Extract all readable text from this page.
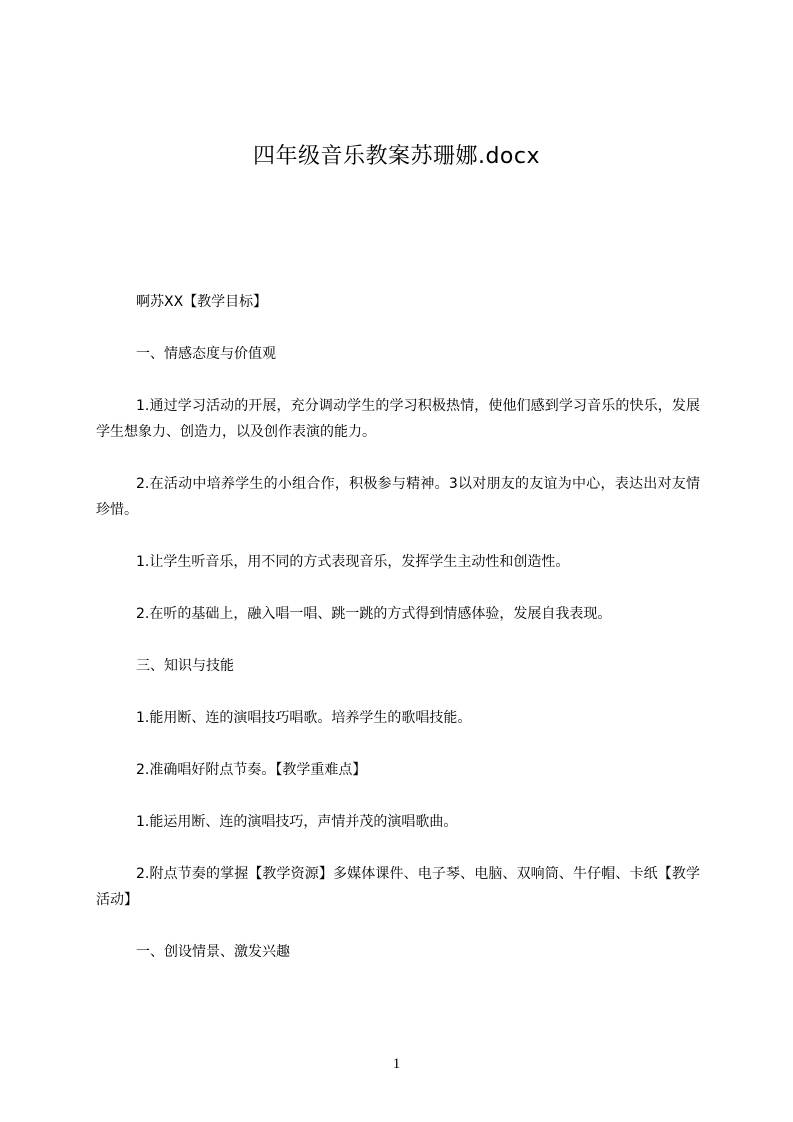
四年级音乐教案苏珊娜.docx

啊苏XX【教学目标】

一、情感态度与价值观

1.通过学习活动的开展，充分调动学生的学习积极热情，使他们感到学习音乐的快乐，发展学生想象力、创造力，以及创作表演的能力。

2.在活动中培养学生的小组合作，积极参与精神。3以对朋友的友谊为中心，表达出对友情珍惜。

1.让学生听音乐，用不同的方式表现音乐，发挥学生主动性和创造性。

2.在听的基础上，融入唱一唱、跳一跳的方式得到情感体验，发展自我表现。

三、知识与技能

1.能用断、连的演唱技巧唱歌。培养学生的歌唱技能。

2.准确唱好附点节奏。【教学重难点】

1.能运用断、连的演唱技巧，声情并茂的演唱歌曲。

2.附点节奏的掌握【教学资源】多媒体课件、电子琴、电脑、双响筒、牛仔帽、卡纸【教学活动】

一、创设情景、激发兴趣

1
